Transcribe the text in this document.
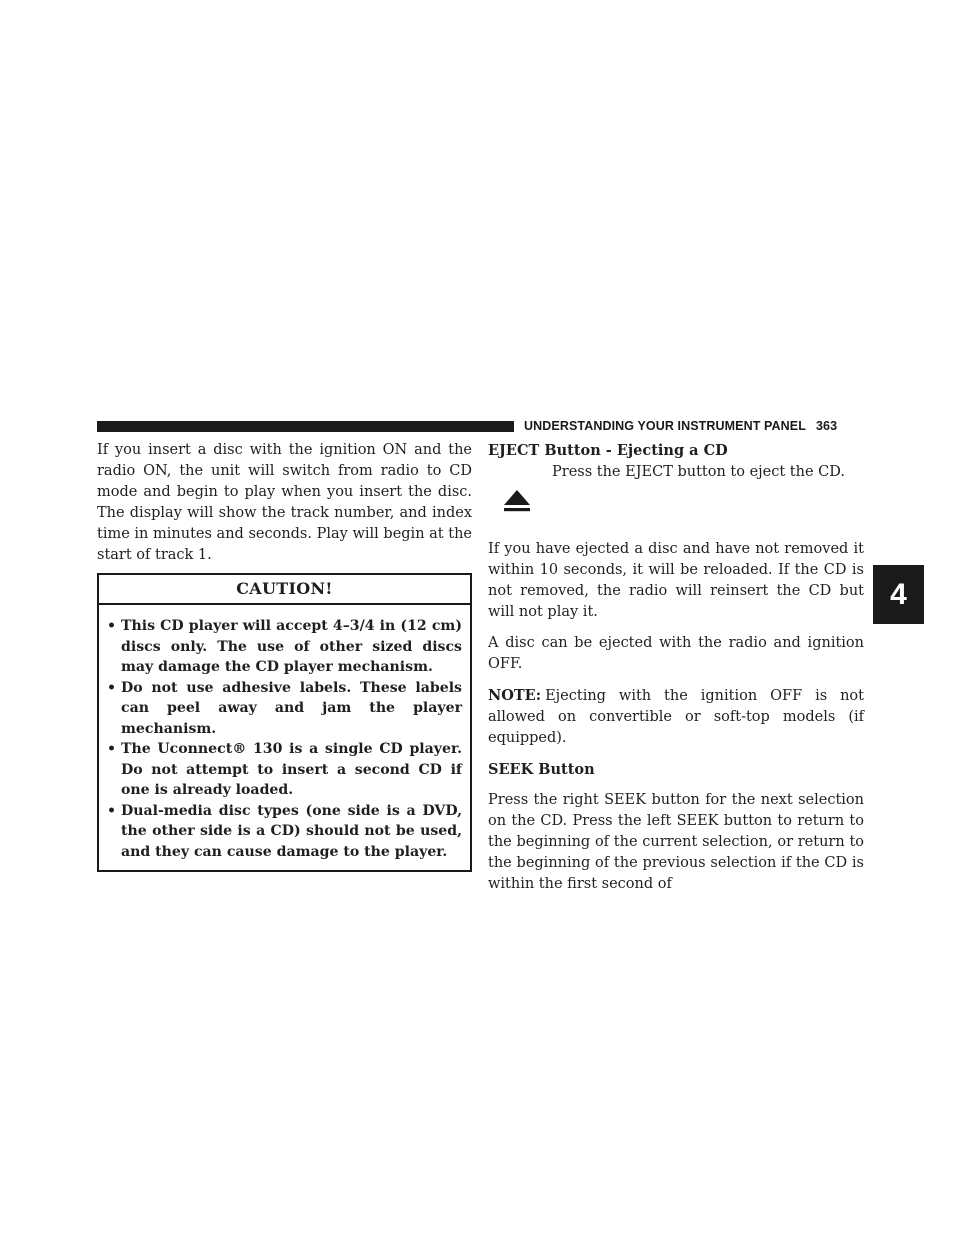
UNDERSTANDING YOUR INSTRUMENT PANEL 363
4

If you insert a disc with the ignition ON and the radio ON, the unit will switch from radio to CD mode and begin to play when you insert the disc. The display will show the track number, and index time in minutes and seconds. Play will begin at the start of track 1.

CAUTION!
• This CD player will accept 4–3/4 in (12 cm) discs only. The use of other sized discs may damage the CD player mechanism.
• Do not use adhesive labels. These labels can peel away and jam the player mechanism.
• The Uconnect® 130 is a single CD player. Do not attempt to insert a second CD if one is already loaded.
• Dual-media disc types (one side is a DVD, the other side is a CD) should not be used, and they can cause damage to the player.
EJECT Button - Ejecting a CD
Press the EJECT button to eject the CD.

If you have ejected a disc and have not removed it within 10 seconds, it will be reloaded. If the CD is not removed, the radio will reinsert the CD but will not play it.

A disc can be ejected with the radio and ignition OFF.

NOTE: Ejecting with the ignition OFF is not allowed on convertible or soft-top models (if equipped).

SEEK Button

Press the right SEEK button for the next selection on the CD. Press the left SEEK button to return to the beginning of the current selection, or return to the beginning of the previous selection if the CD is within the first second of
